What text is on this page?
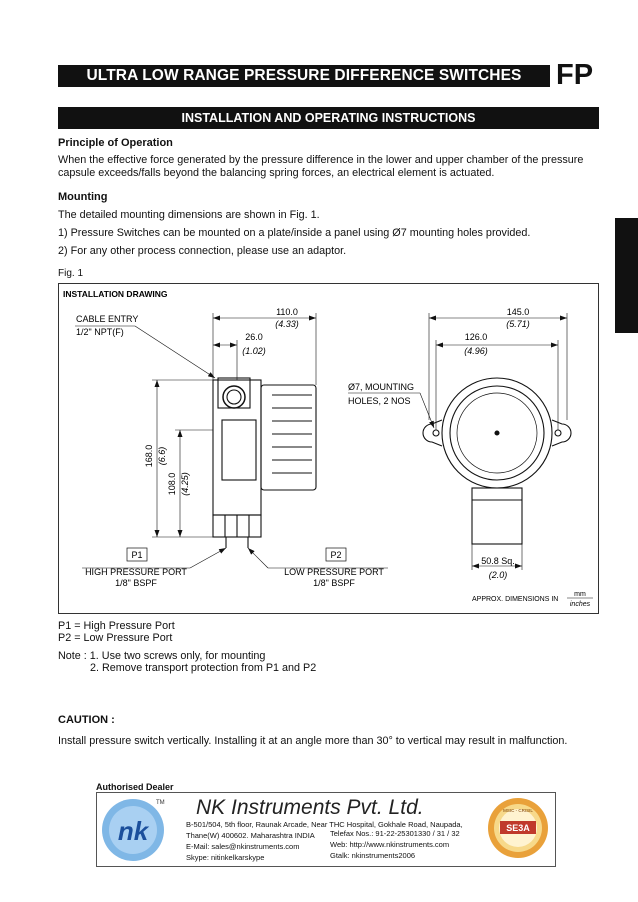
ULTRA LOW RANGE PRESSURE DIFFERENCE SWITCHES	FP
INSTALLATION AND OPERATING INSTRUCTIONS
Principle of Operation
When the effective force generated by the pressure difference in the lower and upper chamber of the pressure
capsule exceeds/falls beyond the balancing spring forces, an electrical element is actuated.
Mounting
The detailed mounting dimensions are shown in Fig. 1.
1) Pressure Switches can be mounted on a plate/inside a panel using Ø7 mounting holes provided.
2) For any other process connection, please use an adaptor.
Fig. 1
INSTALLATION DRAWING
CABLE ENTRY
1/2" NPT(F)
110.0
(4.33)
26.0
(1.02)
168.0 (6.6)
108.0 (4.25)
P1
HIGH PRESSURE PORT
1/8" BSPF
P2
LOW PRESSURE PORT
1/8" BSPF
145.0
(5.71)
126.0
(4.96)
Ø7, MOUNTING
HOLES, 2 NOS
50.8 Sq.
(2.0)
APPROX. DIMENSIONS IN
mm
inches
P1 = High Pressure Port
P2 = Low Pressure Port
Note : 1. Use two screws only, for mounting
2. Remove transport protection from P1 and P2
CAUTION :
Install pressure switch vertically. Installing it at an angle more than 30° to vertical may result in malfunction.
Authorised Dealer
nk
TM NK Instruments Pvt. Ltd.
B-501/504, 5th floor, Raunak Arcade, Near THC Hospital, Gokhale Road, Naupada,
Thane(W) 400602. Maharashtra INDIA
E-Mail: sales@nkinstruments.com
Skype: nitinkelkarskype
Telefax Nos.: 91-22-25301330 / 31 / 32
Web: http://www.nkinstruments.com
Gtalk: nkinstruments2006
SE3A
MSIC - CRISIL
